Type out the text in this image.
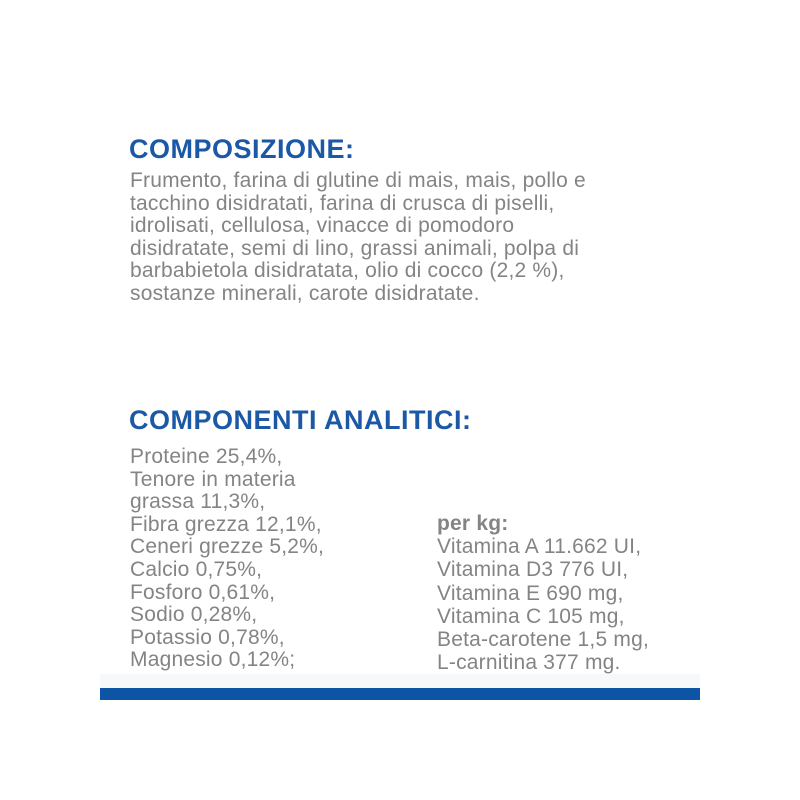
COMPOSIZIONE:
Frumento, farina di glutine di mais, mais, pollo e
tacchino disidratati, farina di crusca di piselli,
idrolisati, cellulosa, vinacce di pomodoro
disidratate, semi di lino, grassi animali, polpa di
barbabietola disidratata, olio di cocco (2,2 %),
sostanze minerali, carote disidratate.
COMPONENTI ANALITICI:
Proteine 25,4%,
Tenore in materia
grassa 11,3%,
Fibra grezza 12,1%,
Ceneri grezze 5,2%,
Calcio 0,75%,
Fosforo 0,61%,
Sodio 0,28%,
Potassio 0,78%,
Magnesio 0,12%;
per kg:
Vitamina A 11.662 UI,
Vitamina D3 776 UI,
Vitamina E 690 mg,
Vitamina C 105 mg,
Beta-carotene 1,5 mg,
L-carnitina 377 mg.
